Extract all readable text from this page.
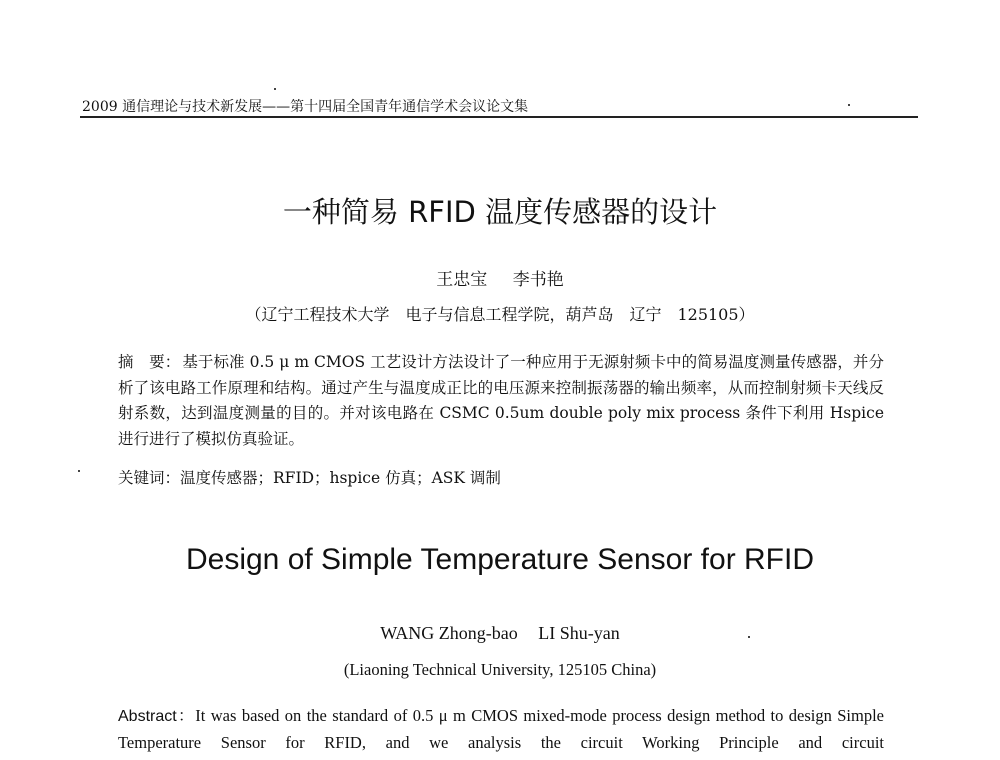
2009 通信理论与技术新发展——第十四届全国青年通信学术会议论文集
一种简易 RFID 温度传感器的设计
王忠宝 李书艳
（辽宁工程技术大学　电子与信息工程学院，葫芦岛　辽宁　125105）
摘　要： 基于标准 0.5 μ m CMOS 工艺设计方法设计了一种应用于无源射频卡中的简易温度测量传感器，并分析了该电路工作原理和结构。通过产生与温度成正比的电压源来控制振荡器的输出频率，从而控制射频卡天线反射系数，达到温度测量的目的。并对该电路在 CSMC 0.5um double poly mix process 条件下利用 Hspice 进行进行了模拟仿真验证。
关键词：温度传感器；RFID；hspice 仿真；ASK 调制
Design of Simple Temperature Sensor for RFID
WANG Zhong-bao LI Shu-yan
(Liaoning Technical University, 125105 China)
Abstract：It was based on the standard of 0.5 μ m CMOS mixed-mode process design method to design Simple Temperature Sensor for RFID, and we analysis the circuit Working Principle and circuit
